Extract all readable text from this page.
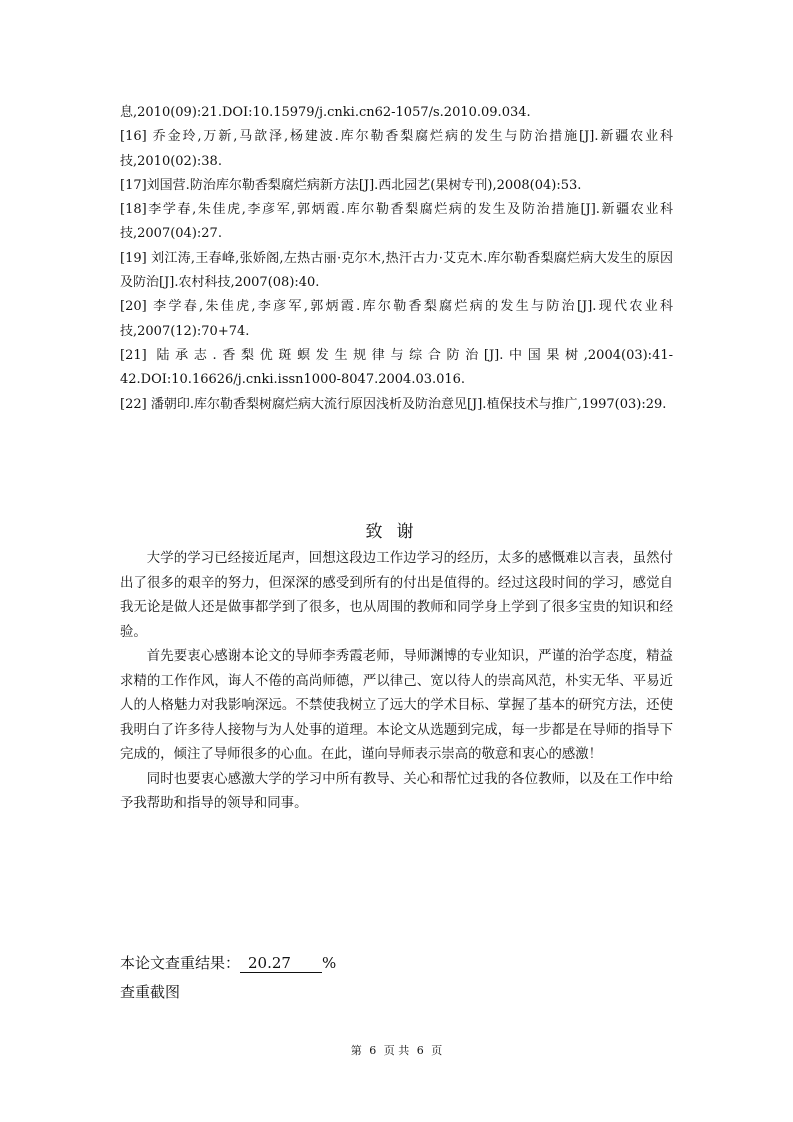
息,2010(09):21.DOI:10.15979/j.cnki.cn62-1057/s.2010.09.034.

[16] 乔金玲,万新,马歆泽,杨建波.库尔勒香梨腐烂病的发生与防治措施[J].新疆农业科技,2010(02):38.

[17]刘国营.防治库尔勒香梨腐烂病新方法[J].西北园艺(果树专刊),2008(04):53.

[18]李学春,朱佳虎,李彦军,郭炳霞.库尔勒香梨腐烂病的发生及防治措施[J].新疆农业科技,2007(04):27.

[19] 刘江涛,王春峰,张娇阁,左热古丽·克尔木,热汗古力·艾克木.库尔勒香梨腐烂病大发生的原因及防治[J].农村科技,2007(08):40.

[20] 李学春,朱佳虎,李彦军,郭炳霞.库尔勒香梨腐烂病的发生与防治[J].现代农业科技,2007(12):70+74.

[21] 陆承志.香梨优斑螟发生规律与综合防治[J].中国果树,2004(03):41-42.DOI:10.16626/j.cnki.issn1000-8047.2004.03.016.

[22] 潘朝印.库尔勒香梨树腐烂病大流行原因浅析及防治意见[J].植保技术与推广,1997(03):29.

致谢

大学的学习已经接近尾声，回想这段边工作边学习的经历，太多的感慨难以言表，虽然付出了很多的艰辛的努力，但深深的感受到所有的付出是值得的。经过这段时间的学习，感觉自我无论是做人还是做事都学到了很多，也从周围的教师和同学身上学到了很多宝贵的知识和经验。

首先要衷心感谢本论文的导师李秀霞老师，导师渊博的专业知识，严谨的治学态度，精益求精的工作作风，诲人不倦的高尚师德，严以律己、宽以待人的崇高风范，朴实无华、平易近人的人格魅力对我影响深远。不禁使我树立了远大的学术目标、掌握了基本的研究方法，还使我明白了许多待人接物与为人处事的道理。本论文从选题到完成，每一步都是在导师的指导下完成的，倾注了导师很多的心血。在此，谨向导师表示崇高的敬意和衷心的感激！

同时也要衷心感激大学的学习中所有教导、关心和帮忙过我的各位教师，以及在工作中给予我帮助和指导的领导和同事。

本论文查重结果： 20.27 %
查重截图
第 6 页 共 6 页
